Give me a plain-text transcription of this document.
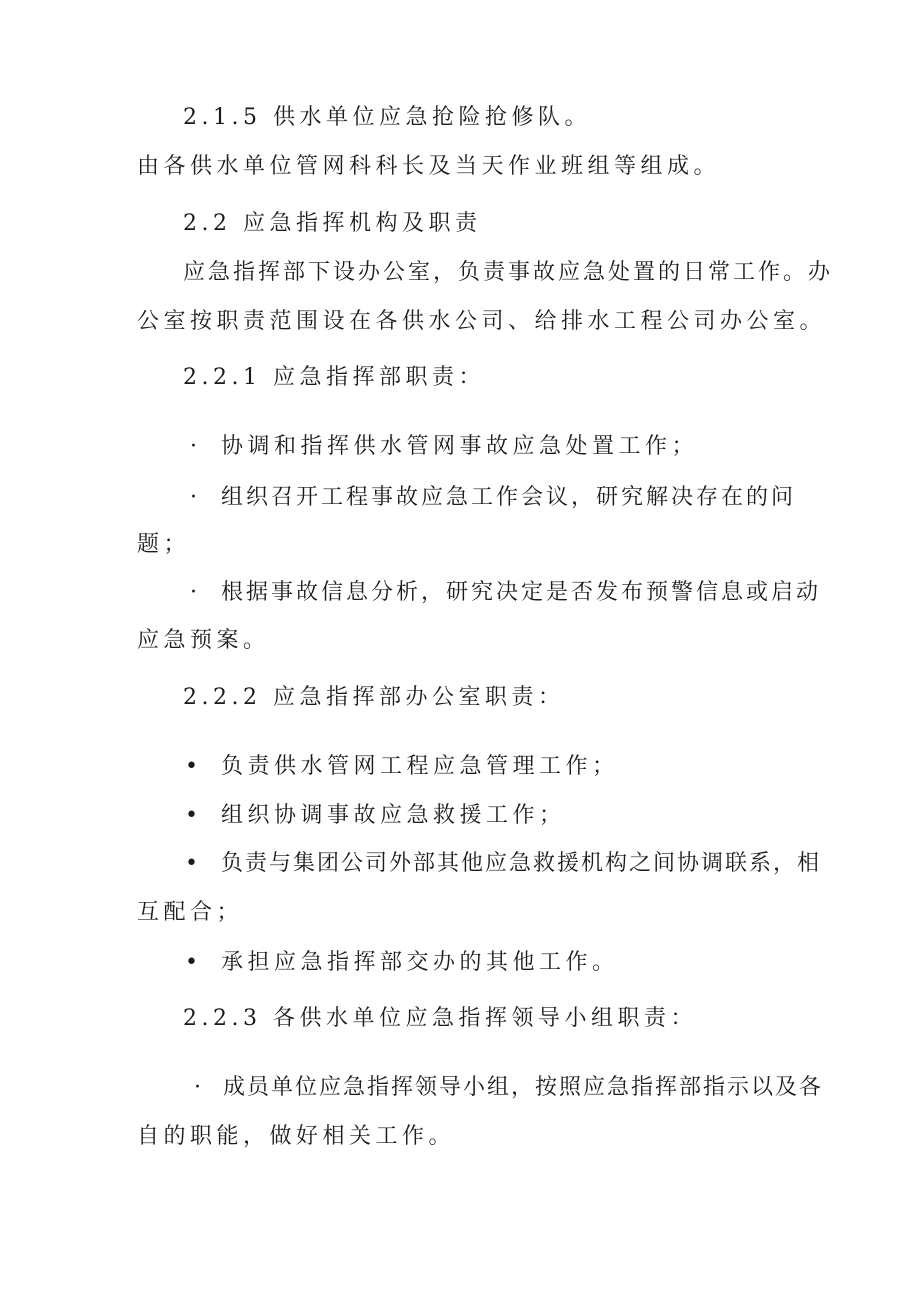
2.1.5 供水单位应急抢险抢修队。
由各供水单位管网科科长及当天作业班组等组成。
2.2 应急指挥机构及职责
应急指挥部下设办公室，负责事故应急处置的日常工作。办
公室按职责范围设在各供水公司、给排水工程公司办公室。
2.2.1 应急指挥部职责：
· 协调和指挥供水管网事故应急处置工作；
· 组织召开工程事故应急工作会议，研究解决存在的问
题；
· 根据事故信息分析，研究决定是否发布预警信息或启动
应急预案。
2.2.2 应急指挥部办公室职责：
• 负责供水管网工程应急管理工作；
• 组织协调事故应急救援工作；
• 负责与集团公司外部其他应急救援机构之间协调联系，相
互配合；
• 承担应急指挥部交办的其他工作。
2.2.3 各供水单位应急指挥领导小组职责：
· 成员单位应急指挥领导小组，按照应急指挥部指示以及各
自的职能，做好相关工作。
